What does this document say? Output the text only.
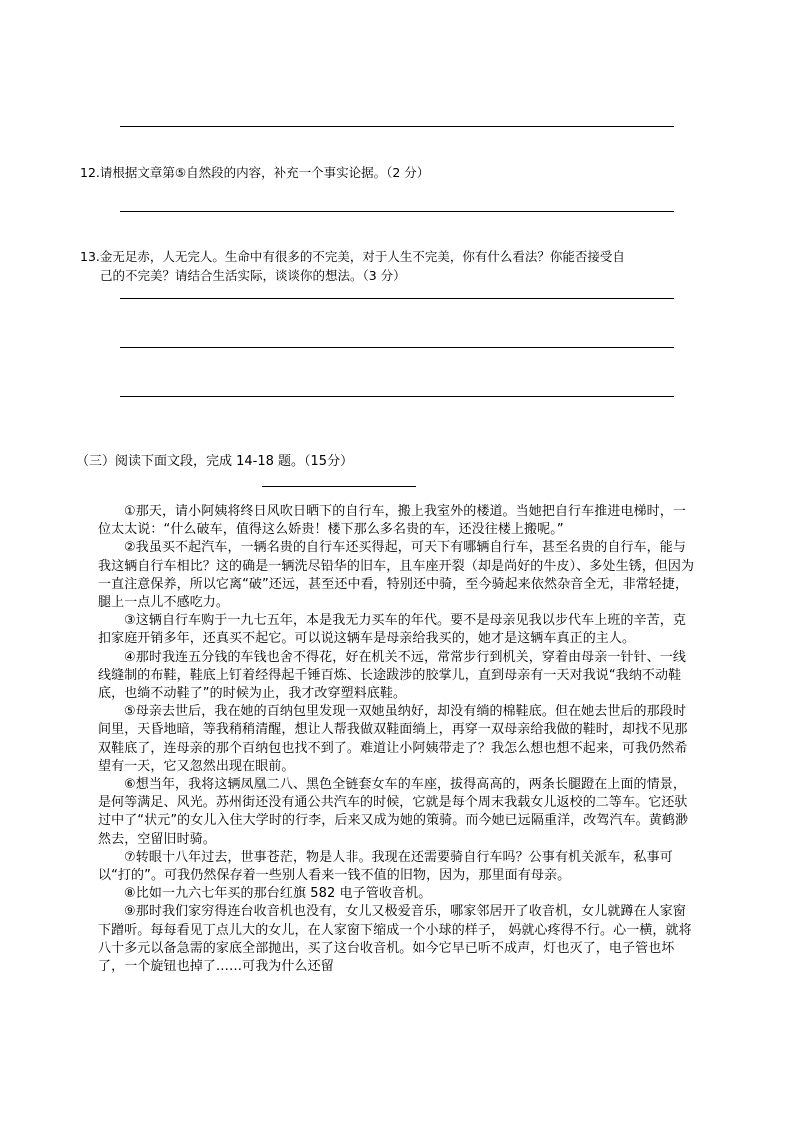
12.请根据文章第⑤自然段的内容，补充一个事实论据。（2 分）
13.金无足赤，人无完人。生命中有很多的不完美，对于人生不完美，你有什么看法？你能否接受自
己的不完美？请结合生活实际，谈谈你的想法。（3 分）
（三）阅读下面文段，完成 14-18 题。（15分）

①那天，请小阿姨将终日风吹日晒下的自行车，搬上我室外的楼道。当她把自行车推进电梯时，一位太太说：“什么破车，值得这么娇贵！楼下那么多名贵的车，还没往楼上搬呢。”

②我虽买不起汽车，一辆名贵的自行车还买得起，可天下有哪辆自行车，甚至名贵的自行车，能与我这辆自行车相比？这的确是一辆洗尽铅华的旧车，且车座开裂（却是尚好的牛皮）、多处生锈，但因为一直注意保养，所以它离“破”还远，甚至还中看，特别还中骑，至今骑起来依然杂音全无，非常轻捷，腿上一点儿不感吃力。

③这辆自行车购于一九七五年，本是我无力买车的年代。要不是母亲见我以步代车上班的辛苦，克扣家庭开销多年，还真买不起它。可以说这辆车是母亲给我买的，她才是这辆车真正的主人。

④那时我连五分钱的车钱也舍不得花，好在机关不远，常常步行到机关，穿着由母亲一针针、一线线缝制的布鞋，鞋底上钉着经得起千锤百炼、长途跋涉的胶掌儿，直到母亲有一天对我说“我纳不动鞋底，也绱不动鞋了”的时候为止，我才改穿塑料底鞋。

⑤母亲去世后，我在她的百纳包里发现一双她虽纳好，却没有绱的棉鞋底。但在她去世后的那段时间里，天昏地暗，等我稍稍清醒，想让人帮我做双鞋面绱上，再穿一双母亲给我做的鞋时，却找不见那双鞋底了，连母亲的那个百纳包也找不到了。难道让小阿姨带走了？我怎么想也想不起来，可我仍然希望有一天，它又忽然出现在眼前。

⑥想当年，我将这辆凤凰二八、黑色全链套女车的车座，拔得高高的，两条长腿蹬在上面的情景，是何等满足、风光。苏州街还没有通公共汽车的时候，它就是每个周末我载女儿返校的二等车。它还驮过中了“状元”的女儿入住大学时的行李，后来又成为她的策骑。而今她已远隔重洋，改驾汽车。黄鹤渺然去，空留旧时骑。

⑦转眼十八年过去，世事苍茫，物是人非。我现在还需要骑自行车吗？公事有机关派车，私事可以“打的”。可我仍然保存着一些别人看来一钱不值的旧物，因为，那里面有母亲。

⑧比如一九六七年买的那台红旗 582 电子管收音机。

⑨那时我们家穷得连台收音机也没有，女儿又极爱音乐，哪家邻居开了收音机，女儿就蹲在人家窗下蹭听。每每看见丁点儿大的女儿，在人家窗下缩成一个小球的样子， 妈就心疼得不行。心一横，就将八十多元以备急需的家底全部抛出，买了这台收音机。如今它早已听不成声，灯也灭了，电子管也坏了，一个旋钮也掉了……可我为什么还留
